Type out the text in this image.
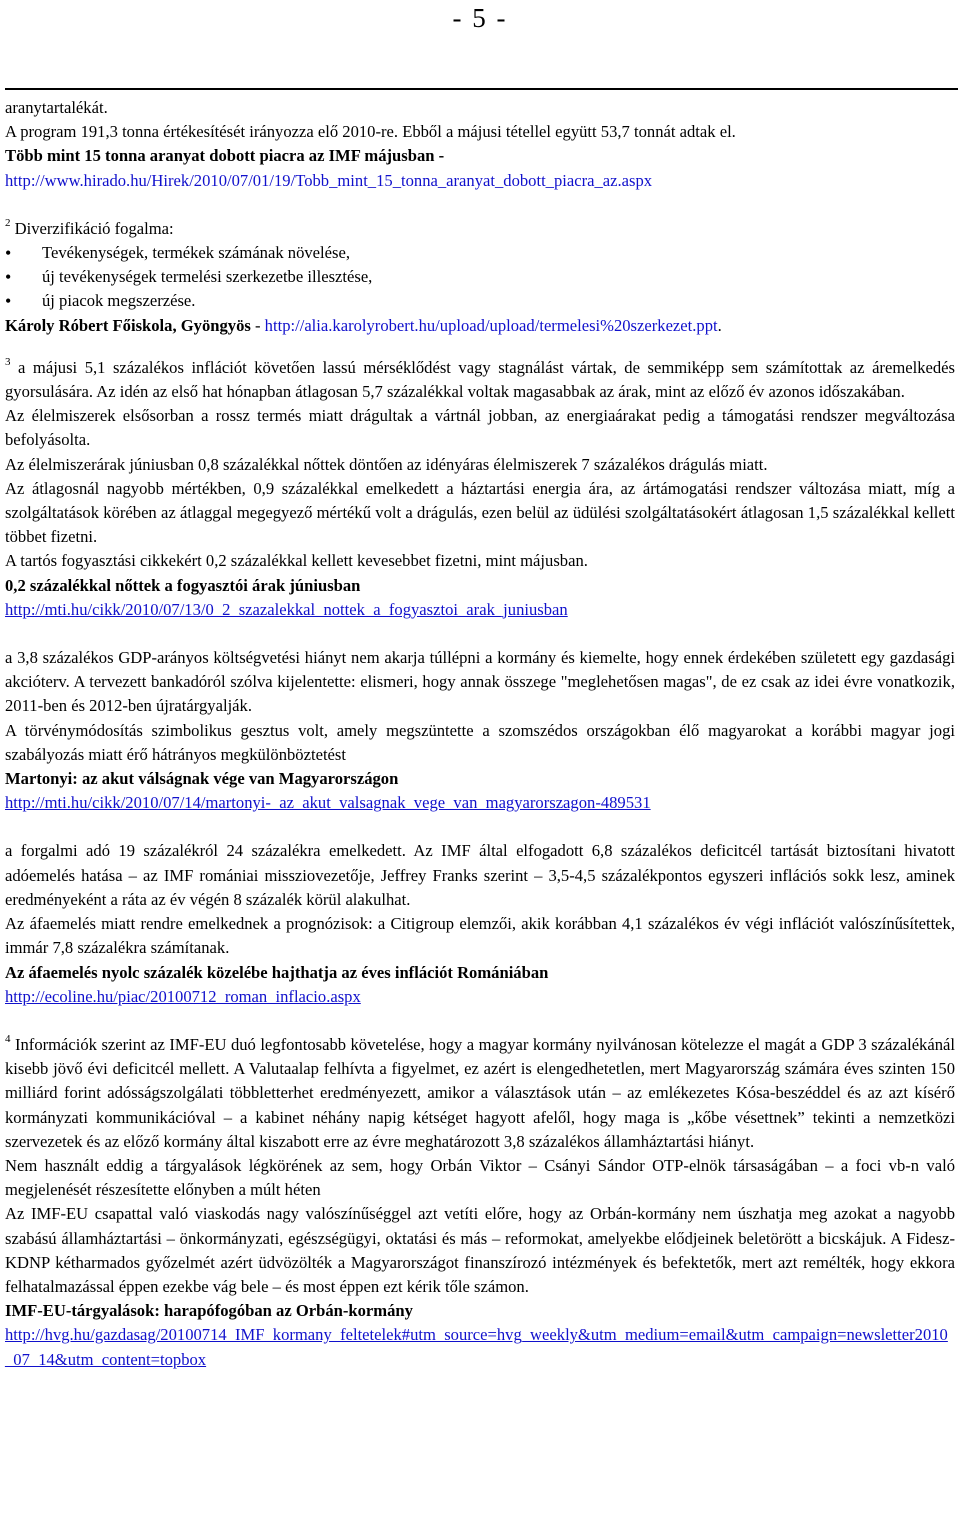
- 5 -

aranytartalékát.

A program 191,3 tonna értékesítését irányozza elő 2010-re. Ebből a májusi tétellel együtt 53,7 tonnát adtak el.

Több mint 15 tonna aranyat dobott piacra az IMF májusban -

http://www.hirado.hu/Hirek/2010/07/01/19/Tobb_mint_15_tonna_aranyat_dobott_piacra_az.aspx

$^2$ Diverzifikáció fogalma:

• Tevékenységek, termékek számának növelése,
• új tevékenységek termelési szerkezetbe illesztése,
• új piacok megszerzése.

Károly Róbert Főiskola, Gyöngyös - http://alia.karolyrobert.hu/upload/upload/termelesi%20szerkezet.ppt.

$^3$ a májusi 5,1 százalékos inflációt követően lassú mérséklődést vagy stagnálást vártak, de semmiképp sem számítottak az áremelkedés gyorsulására. Az idén az első hat hónapban átlagosan 5,7 százalékkal voltak magasabbak az árak, mint az előző év azonos időszakában.

Az élelmiszerek elsősorban a rossz termés miatt drágultak a vártnál jobban, az energiaárakat pedig a támogatási rendszer megváltozása befolyásolta.

Az élelmiszerárak júniusban 0,8 százalékkal nőttek döntően az idényáras élelmiszerek 7 százalékos drágulás miatt.

Az átlagosnál nagyobb mértékben, 0,9 százalékkal emelkedett a háztartási energia ára, az ártámogatási rendszer változása miatt, míg a szolgáltatások körében az átlaggal megegyező mértékű volt a drágulás, ezen belül az üdülési szolgáltatásokért átlagosan 1,5 százalékkal kellett többet fizetni.

A tartós fogyasztási cikkekért 0,2 százalékkal kellett kevesebbet fizetni, mint májusban.

0,2 százalékkal nőttek a fogyasztói árak júniusban

http://mti.hu/cikk/2010/07/13/0_2_szazalekkal_nottek_a_fogyasztoi_arak_juniusban

a 3,8 százalékos GDP-arányos költségvetési hiányt nem akarja túllépni a kormány és kiemelte, hogy ennek érdekében született egy gazdasági akcióterv. A tervezett bankadóról szólva kijelentette: elismeri, hogy annak összege "meglehetősen magas", de ez csak az idei évre vonatkozik, 2011-ben és 2012-ben újratárgyalják.

A törvénymódosítás szimbolikus gesztus volt, amely megszüntette a szomszédos országokban élő magyarokat a korábbi magyar jogi szabályozás miatt érő hátrányos megkülönböztetést

Martonyi: az akut válságnak vége van Magyarországon

http://mti.hu/cikk/2010/07/14/martonyi-_az_akut_valsagnak_vege_van_magyarorszagon-489531

a forgalmi adó 19 százalékról 24 százalékra emelkedett. Az IMF által elfogadott 6,8 százalékos deficitcél tartását biztosítani hivatott adóemelés hatása – az IMF romániai missziovezetője, Jeffrey Franks szerint – 3,5-4,5 százalékpontos egyszeri inflációs sokk lesz, aminek eredményeként a ráta az év végén 8 százalék körül alakulhat.

Az áfaemelés miatt rendre emelkednek a prognózisok: a Citigroup elemzői, akik korábban 4,1 százalékos év végi inflációt valószínűsítettek, immár 7,8 százalékra számítanak.

Az áfaemelés nyolc százalék közelébe hajthatja az éves inflációt Romániában

http://ecoline.hu/piac/20100712_roman_inflacio.aspx

$^4$ Információk szerint az IMF-EU duó legfontosabb követelése, hogy a magyar kormány nyilvánosan kötelezze el magát a GDP 3 százalékánál kisebb jövő évi deficitcél mellett. A Valutaalap felhívta a figyelmet, ez azért is elengedhetetlen, mert Magyarország számára éves szinten 150 milliárd forint adósságszolgálati többletterhet eredményezett, amikor a választások után – az emlékezetes Kósa-beszéddel és az azt kísérő kormányzati kommunikációval – a kabinet néhány napig kétséget hagyott afelől, hogy maga is „kőbe vésettnek” tekinti a nemzetközi szervezetek és az előző kormány által kiszabott erre az évre meghatározott 3,8 százalékos államháztartási hiányt.

Nem használt eddig a tárgyalások légkörének az sem, hogy Orbán Viktor – Csányi Sándor OTP-elnök társaságában – a foci vb-n való megjelenését részesítette előnyben a múlt héten

Az IMF-EU csapattal való viaskodás nagy valószínűséggel azt vetíti előre, hogy az Orbán-kormány nem úszhatja meg azokat a nagyobb szabású államháztartási – önkormányzati, egészségügyi, oktatási és más – reformokat, amelyekbe elődjeinek beletörött a bicskájuk. A Fidesz-KDNP kétharmados győzelmét azért üdvözölték a Magyarországot finanszírozó intézmények és befektetők, mert azt remélték, hogy ekkora felhatalmazással éppen ezekbe vág bele – és most éppen ezt kérik tőle számon.

IMF-EU-tárgyalások: harapófogóban az Orbán-kormány

http://hvg.hu/gazdasag/20100714_IMF_kormany_feltetelek#utm_source=hvg_weekly&utm_medium=email&utm_campaign=newsletter2010_07_14&utm_content=topbox
